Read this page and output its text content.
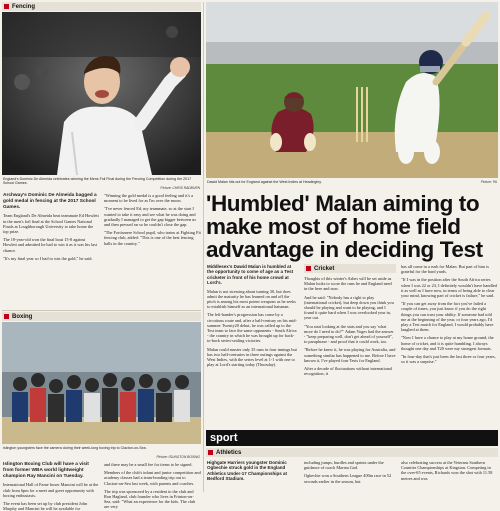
Fencing
England's Dominic De Almeida celebrates winning the Mens Foil Final during the Fencing Competition during the 2017 School Games.
Picture: CHRIS RADBURN

Archway's Dominic De Almeida bagged a gold medal in fencing at the 2017 School Games.

Team England's De Almeida beat teammate Ed Howlett in the men's foil final at the School Games National Finals at Loughborough University to take home the top prize.

The 18-year-old won the final bout 15-8 against Howlett and admitted he had to win it as it was his last chance.

"It's my final year so I had to win the gold," he said.

"Winning the gold medal is a good feeling and it's a moment to be lived for as I'm over the moon.

"I've never fenced Ed, my teammate, so at the start I wanted to take it easy and see what he was doing and gradually I managed to get the gap bigger between us and then pressed on so he couldn't close the gap.

"The Fortismere School pupil, who trains at Fighting Fit fencing club, added: "This is one of the best fencing halls in the country."

Dawid Malan hits out for England against the West Indies at Headingley.	Picture: PA
'Humbled' Malan aiming to
make most of home field
advantage in deciding Test

Middlesex's Dawid Malan is humbled at the opportunity to come of age as a Test cricketer in front of his home crowd at Lord's.

Malan is not stressing about turning 30, but does admit the maturity he has learned on and off the pitch is among his most potent weapons as he seeks to establish himself as an international batsman.

The left-hander's progression has come by a circuitous route and, after a half-century on his mid-summer Twenty20 debut, he was called up to the Test team to face the same opponents - South Africa - the country in which he was brought up for back-to-back series-sealing victories.

Malan could muster only 35 runs in four innings but has two half-centuries in three outings against the West Indies, with the series level at 1-1 with one to play at Lord's starting today (Thursday).

Cricket

Thoughts of this winter's Ashes will be set aside as Malan looks to score the runs he and England need in the here and now.

And he said: "Nobody has a right to play (international cricket), but deep down you think you should be playing and want to be playing, and I found it quite hard when I was overlooked year in, year out.

"You start looking at the stats and you say 'what more do I need to do?'" Adam Voges had the answer - "keep preparing well, don't get ahead of yourself", to paraphrase - and proof that it could work, too.

"Before he knew it, he was playing for Australia, and something similar has happened to me. Before I have known it, I've played four Tests for England.

After a decade of fluctuations without international recognition, it

has all come in a rush for Malan. But part of him is grateful for the hard yards.

"If I was in the position after the South Africa series when I was 22 or 23, I definitely wouldn't have handled it as well as I have now, in terms of being able to clear your mind, knowing part of cricket is failure," he said.

"If you can get away from the fact you've failed a couple of times, you just know if you do the right things you can trust your ability. If someone had told me at the beginning of the year, or four years ago, I'd play a Test match for England, I would probably have laughed at them.

"Now I have a chance to play at my home ground, the home of cricket, and it is quite humbling. I always thought one day and T20 were my strongest formats.

"In four-day that's just been the last three or four years, so it was a surprise."

Boxing
Islington youngsters face the camera during their week-long boxing trip to Clacton-on-Sea.
Picture: ISLINGTON BOXING

Islington Boxing Club will have a visit from former WBA world lightweight champion Ray Mancini on Tuesday.

International Hall of Fame boxer Mancini will be at the club from 6pm for a meet and greet opportunity with boxing enthusiasts.

The event has been set up by club president John Murphy and Mancini he will be available for

and there may be a small fee for items to be signed.

Members of the club's infant and junior competition and academy classes had a team-bonding trip out to Clacton-on-Sea last week, with parents and coaches.

The trip was sponsored by a resident to the club and Ron Hagland, club founder who lives in Frinton-on-Sea, said: "What an experience for the kids. The club are very

sport
Athletics

Highgate Harriers youngster Dominic Ogbechie struck gold in the England Athletics Under-17 Championships at Bedford Stadium.

including jumps, hurdles and sprints under the guidance of coach Marina Gad.

Ogbechie won a Southern League 400m race in 52 seconds earlier in the season, but

also celebrating success at the Veterans Southern Counties Championships at Kingston. Competing in the over-65 events, Richards won the shot with 11.58 metres and was
